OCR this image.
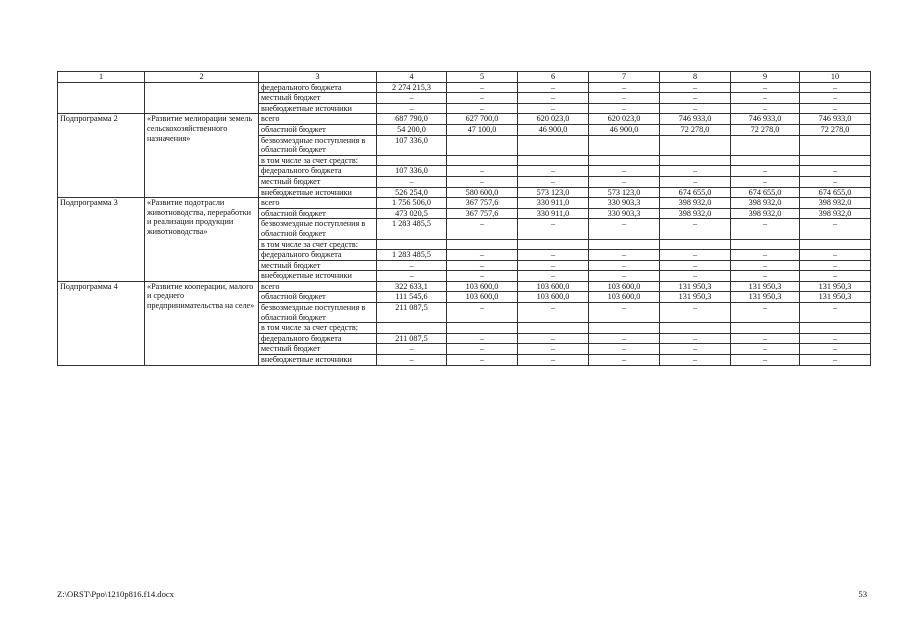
1	2	3	4	5	6	7	8	9	10
		федерального бюджета	2 274 215,3	–	–	–	–	–	–
		местный бюджет	–	–	–	–	–	–	–
		внебюджетные источники	–	–	–	–	–	–	–
Подпрограмма 2	«Развитие мелиорации земель сельскохозяйственного назначения»	всего	687 790,0	627 700,0	620 023,0	620 023,0	746 933,0	746 933,0	746 933,0
		областной бюджет	54 200,0	47 100,0	46 900,0	46 900,0	72 278,0	72 278,0	72 278,0
		безвозмездные поступления в областной бюджет	107 336,0						
		в том числе за счет средств:							
		федерального бюджета	107 336,0	–	–	–	–	–	–
		местный бюджет	–	–	–	–	–	–	–
		внебюджетные источники	526 254,0	580 600,0	573 123,0	573 123,0	674 655,0	674 655,0	674 655,0
Подпрограмма 3	«Развитие подотрасли животноводства, переработки и реализации продукции животноводства»	всего	1 756 506,0	367 757,6	330 911,0	330 903,3	398 932,0	398 932,0	398 932,0
		областной бюджет	473 020,5	367 757,6	330 911,0	330 903,3	398 932,0	398 932,0	398 932,0
		безвозмездные поступления в областной бюджет	1 283 485,5	–	–	–	–	–	–
		в том числе за счет средств:							
		федерального бюджета	1 283 485,5	–	–	–	–	–	–
		местный бюджет	–	–	–	–	–	–	–
		внебюджетные источники	–	–	–	–	–	–	–
Подпрограмма 4	«Развитие кооперации, малого и среднего предпринимательства на селе»	всего	322 633,1	103 600,0	103 600,0	103 600,0	131 950,3	131 950,3	131 950,3
		областной бюджет	111 545,6	103 600,0	103 600,0	103 600,0	131 950,3	131 950,3	131 950,3
		безвозмездные поступления в областной бюджет	211 087,5	–	–	–	–	–	–
		в том числе за счет средств:							
		федерального бюджета	211 087,5	–	–	–	–	–	–
		местный бюджет	–	–	–	–	–	–	–
		внебюджетные источники	–	–	–	–	–	–	–
Z:\ORST\Ppo\1210p816.f14.docx	53
